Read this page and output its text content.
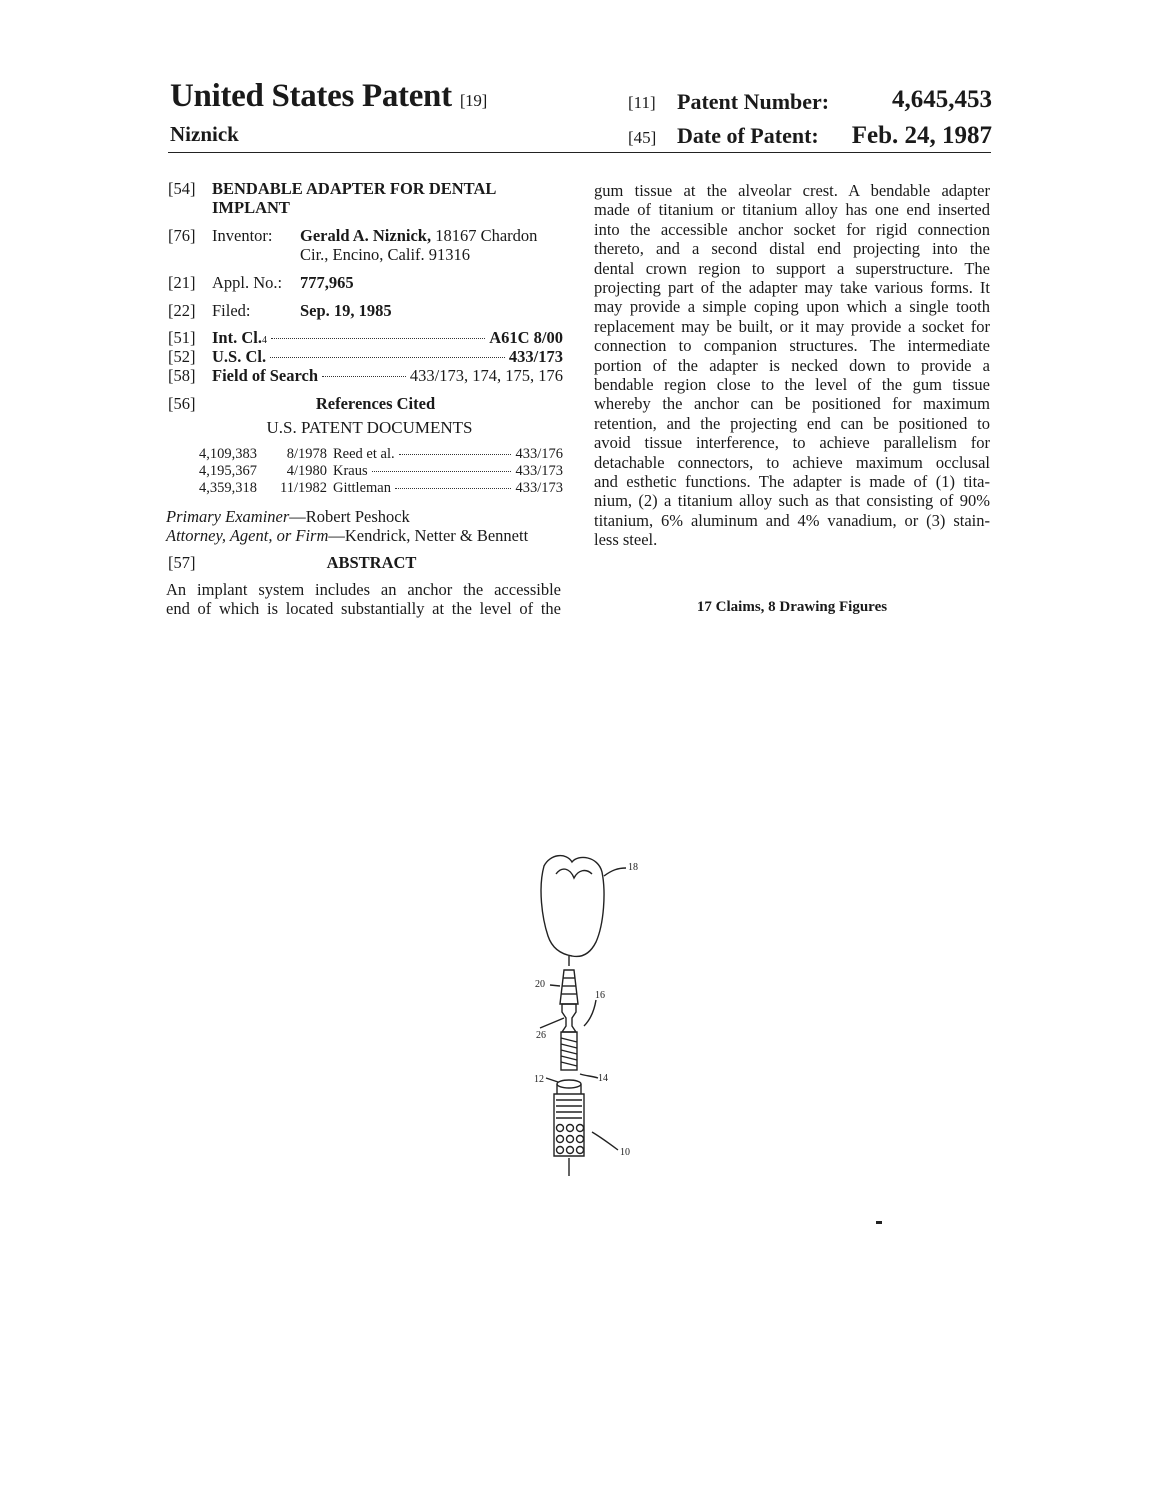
United States Patent [19]
Niznick
[11] Patent Number:	4,645,453
[45] Date of Patent: Feb. 24, 1987
[54] BENDABLE ADAPTER FOR DENTAL
IMPLANT
[76] Inventor:	Gerald A. Niznick, 18167 Chardon
Cir., Encino, Calif. 91316
[21] Appl. No.:	777,965
[22] Filed:	Sep. 19, 1985
[51] Int. Cl. 4	A61C 8/00
[52] U.S. Cl.	433/173
[58] Field of Search	433/173, 174, 175, 176
[56]	References Cited
U.S. PATENT DOCUMENTS
4,109,383	8/1978 Reed et al.	433/176
4,195,367	4/1980 Kraus	433/173
4,359,318	11/1982 Gittleman	433/173
Primary Examiner—Robert Peshock
Attorney, Agent, or Firm—Kendrick, Netter & Bennett
[57]	ABSTRACT
An implant system includes an anchor the accessible
end of which is located substantially at the level of the
gum tissue at the alveolar crest. A bendable adapter
made of titanium or titanium alloy has one end inserted
into the accessible anchor socket for rigid connection
thereto, and a second distal end projecting into the
dental crown region to support a superstructure. The
projecting part of the adapter may take various forms. It
may provide a simple coping upon which a single tooth
replacement may be built, or it may provide a socket for
connection to companion structures. The intermediate
portion of the adapter is necked down to provide a
bendable region close to the level of the gum tissue
whereby the anchor can be positioned for maximum
retention, and the projecting end can be positioned to
avoid tissue interference, to achieve parallelism for
detachable connectors, to achieve maximum occlusal
and esthetic functions. The adapter is made of (1) tita-
nium, (2) a titanium alloy such as that consisting of 90%
titanium, 6% aluminum and 4% vanadium, or (3) stain-
less steel.
17 Claims, 8 Drawing Figures
18
20
16
26
12	14
10
